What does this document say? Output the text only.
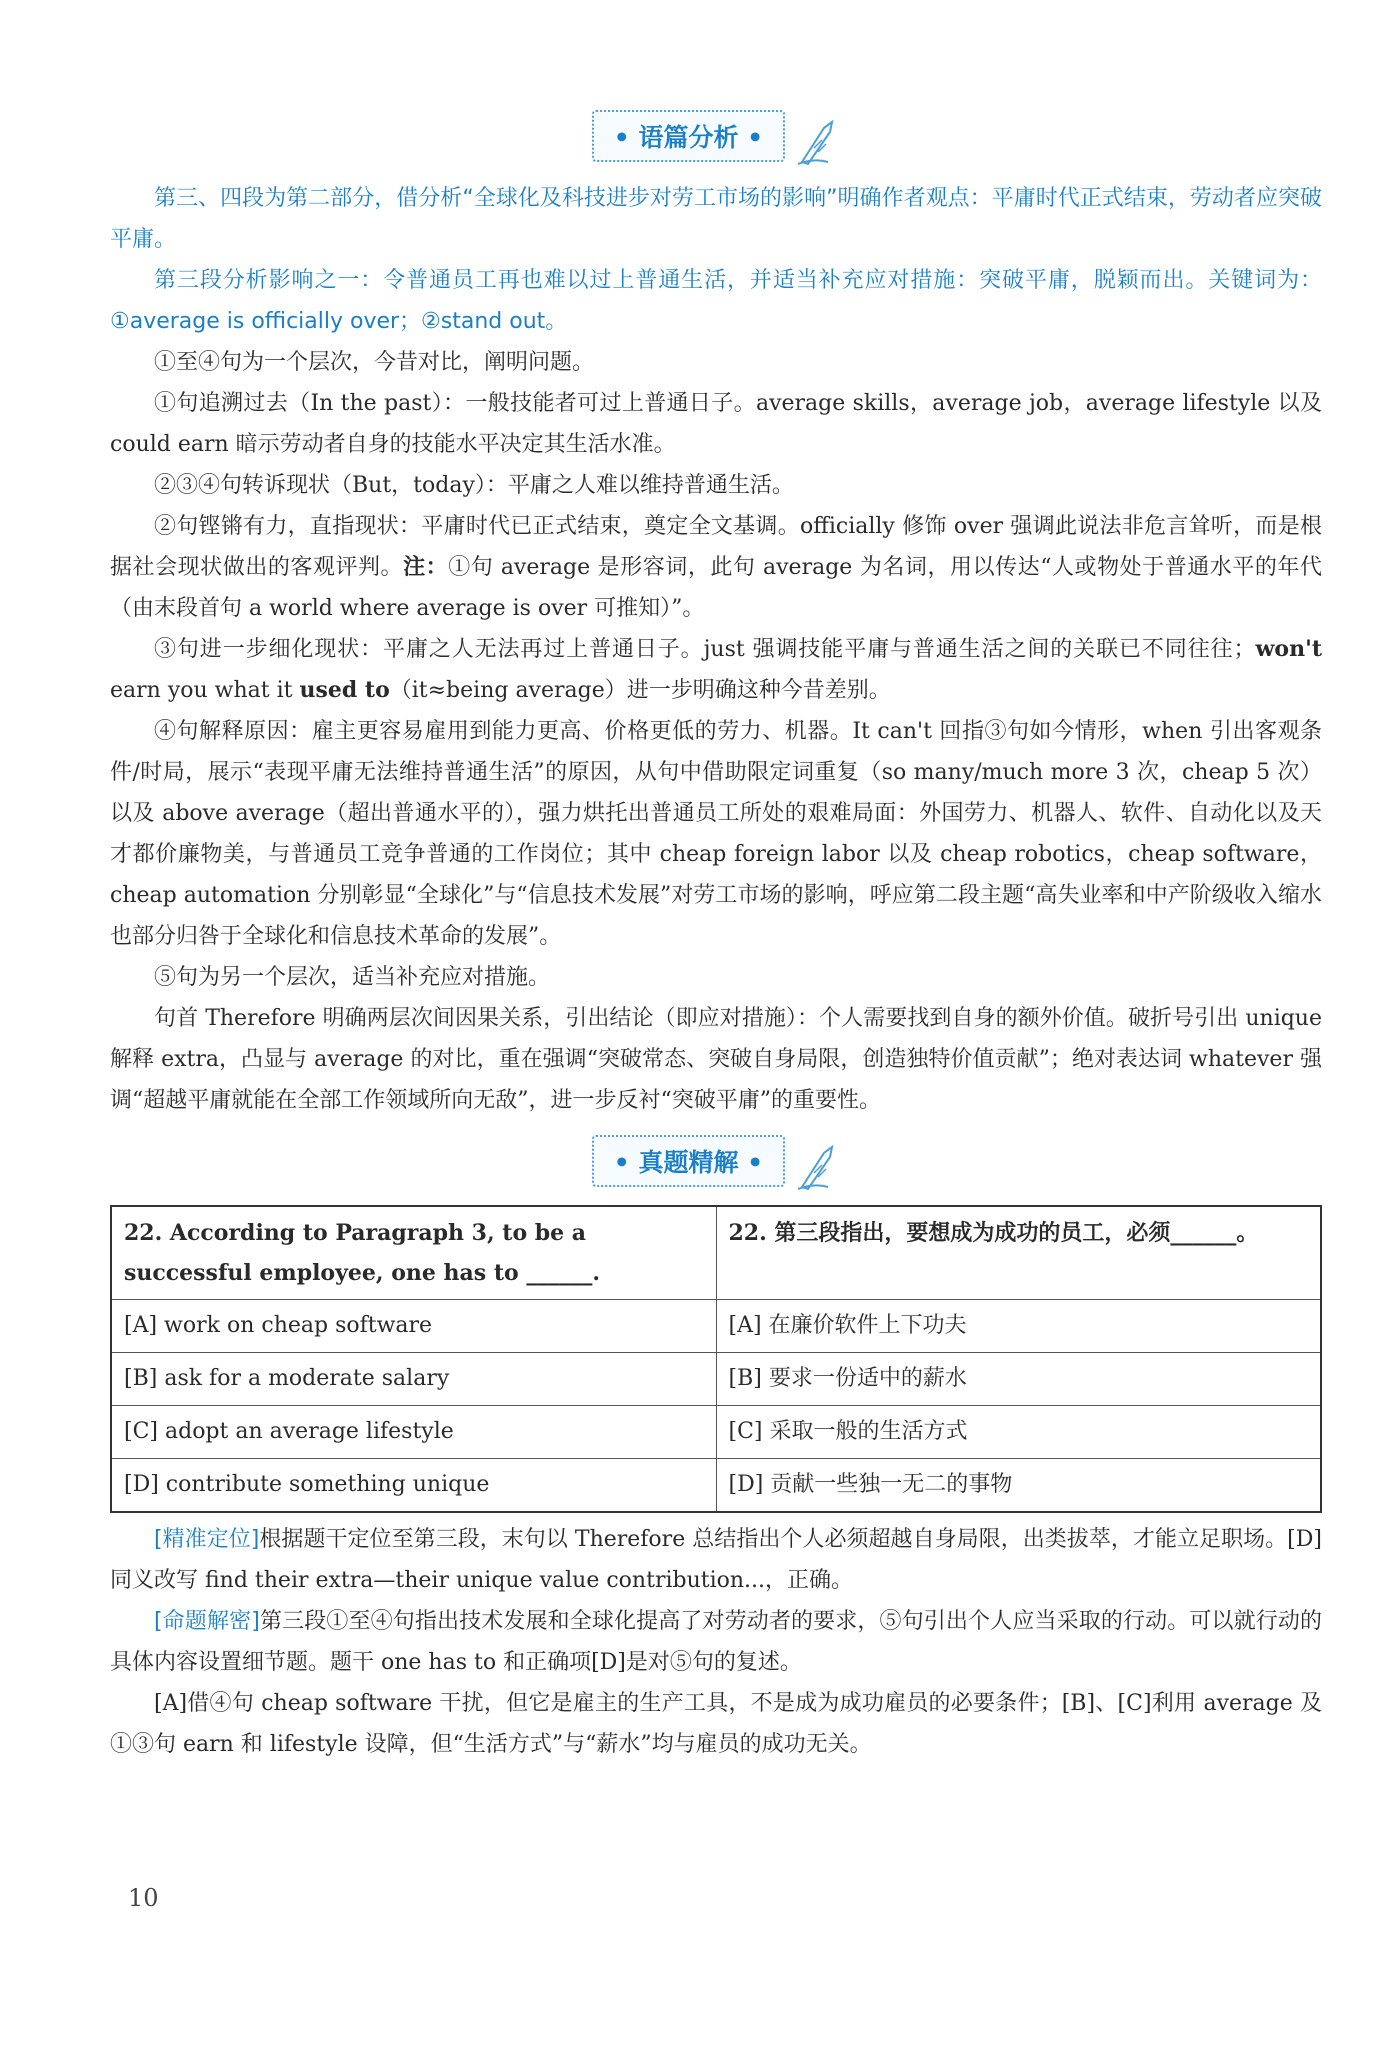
• 语篇分析 •

第三、四段为第二部分，借分析“全球化及科技进步对劳工市场的影响”明确作者观点：平庸时代正式结束，劳动者应突破平庸。

第三段分析影响之一：令普通员工再也难以过上普通生活，并适当补充应对措施：突破平庸，脱颖而出。关键词为：①average is officially over；②stand out。

①至④句为一个层次，今昔对比，阐明问题。

①句追溯过去（In the past）：一般技能者可过上普通日子。average skills，average job，average lifestyle 以及 could earn 暗示劳动者自身的技能水平决定其生活水准。

②③④句转诉现状（But，today）：平庸之人难以维持普通生活。

②句铿锵有力，直指现状：平庸时代已正式结束，奠定全文基调。officially 修饰 over 强调此说法非危言耸听，而是根据社会现状做出的客观评判。注：①句 average 是形容词，此句 average 为名词，用以传达“人或物处于普通水平的年代（由末段首句 a world where average is over 可推知）”。

③句进一步细化现状：平庸之人无法再过上普通日子。just 强调技能平庸与普通生活之间的关联已不同往往；won't earn you what it used to（it≈being average）进一步明确这种今昔差别。

④句解释原因：雇主更容易雇用到能力更高、价格更低的劳力、机器。It can't 回指③句如今情形，when 引出客观条件/时局，展示“表现平庸无法维持普通生活”的原因，从句中借助限定词重复（so many/much more 3 次，cheap 5 次）以及 above average（超出普通水平的），强力烘托出普通员工所处的艰难局面：外国劳力、机器人、软件、自动化以及天才都价廉物美，与普通员工竞争普通的工作岗位；其中 cheap foreign labor 以及 cheap robotics，cheap software，cheap automation 分别彰显“全球化”与“信息技术发展”对劳工市场的影响，呼应第二段主题“高失业率和中产阶级收入缩水也部分归咎于全球化和信息技术革命的发展”。

⑤句为另一个层次，适当补充应对措施。

句首 Therefore 明确两层次间因果关系，引出结论（即应对措施）：个人需要找到自身的额外价值。破折号引出 unique 解释 extra，凸显与 average 的对比，重在强调“突破常态、突破自身局限，创造独特价值贡献”；绝对表达词 whatever 强调“超越平庸就能在全部工作领域所向无敌”，进一步反衬“突破平庸”的重要性。

• 真题精解 •
22. According to Paragraph 3, to be a successful employee, one has to ______.	22. 第三段指出，要想成为成功的员工，必须______。
[A] work on cheap software	[A] 在廉价软件上下功夫
[B] ask for a moderate salary	[B] 要求一份适中的薪水
[C] adopt an average lifestyle	[C] 采取一般的生活方式
[D] contribute something unique	[D] 贡献一些独一无二的事物

[精准定位]根据题干定位至第三段，末句以 Therefore 总结指出个人必须超越自身局限，出类拔萃，才能立足职场。[D]同义改写 find their extra—their unique value contribution...，正确。

[命题解密]第三段①至④句指出技术发展和全球化提高了对劳动者的要求，⑤句引出个人应当采取的行动。可以就行动的具体内容设置细节题。题干 one has to 和正确项[D]是对⑤句的复述。

[A]借④句 cheap software 干扰，但它是雇主的生产工具，不是成为成功雇员的必要条件；[B]、[C]利用 average 及①③句 earn 和 lifestyle 设障，但“生活方式”与“薪水”均与雇员的成功无关。

10
